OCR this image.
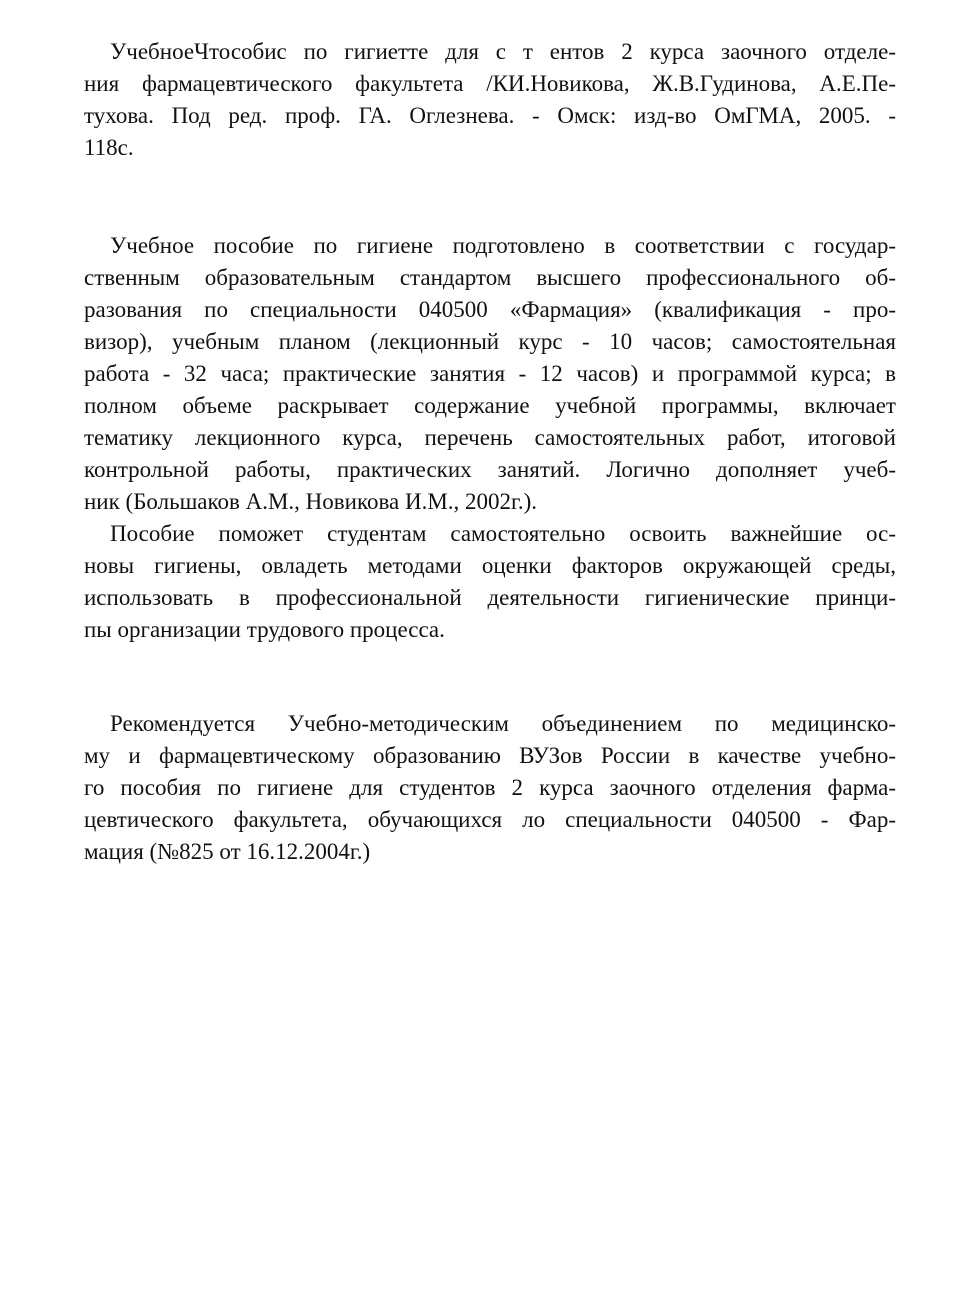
УчебноеЧтособис по гигиетте для с т ентов 2 курса заочного отделе-
ния фармацевтического факультета /КИ.Новикова, Ж.В.Гудинова, А.Е.Пе-
тухова. Под ред. проф. ГА. Оглезнева. - Омск: изд-во ОмГМА, 2005. -
118с.
Учебное пособие по гигиене подготовлено в соответствии с государ-
ственным образовательным стандартом высшего профессионального об-
разования по специальности 040500 «Фармация» (квалификация - про-
визор), учебным планом (лекционный курс - 10 часов; самостоятельная
работа - 32 часа; практические занятия - 12 часов) и программой курса; в
полном объеме раскрывает содержание учебной программы, включает
тематику лекционного курса, перечень самостоятельных работ, итоговой
контрольной работы, практических занятий. Логично дополняет учеб-
ник (Большаков А.М., Новикова И.М., 2002г.).
Пособие поможет студентам самостоятельно освоить важнейшие ос-
новы гигиены, овладеть методами оценки факторов окружающей среды,
использовать в профессиональной деятельности гигиенические принци-
пы организации трудового процесса.
Рекомендуется Учебно-методическим объединением по медицинско-
му и фармацевтическому образованию ВУЗов России в качестве учебно-
го пособия по гигиене для студентов 2 курса заочного отделения фарма-
цевтического факультета, обучающихся ло специальности 040500 - Фар-
мация (№825 от 16.12.2004г.)
